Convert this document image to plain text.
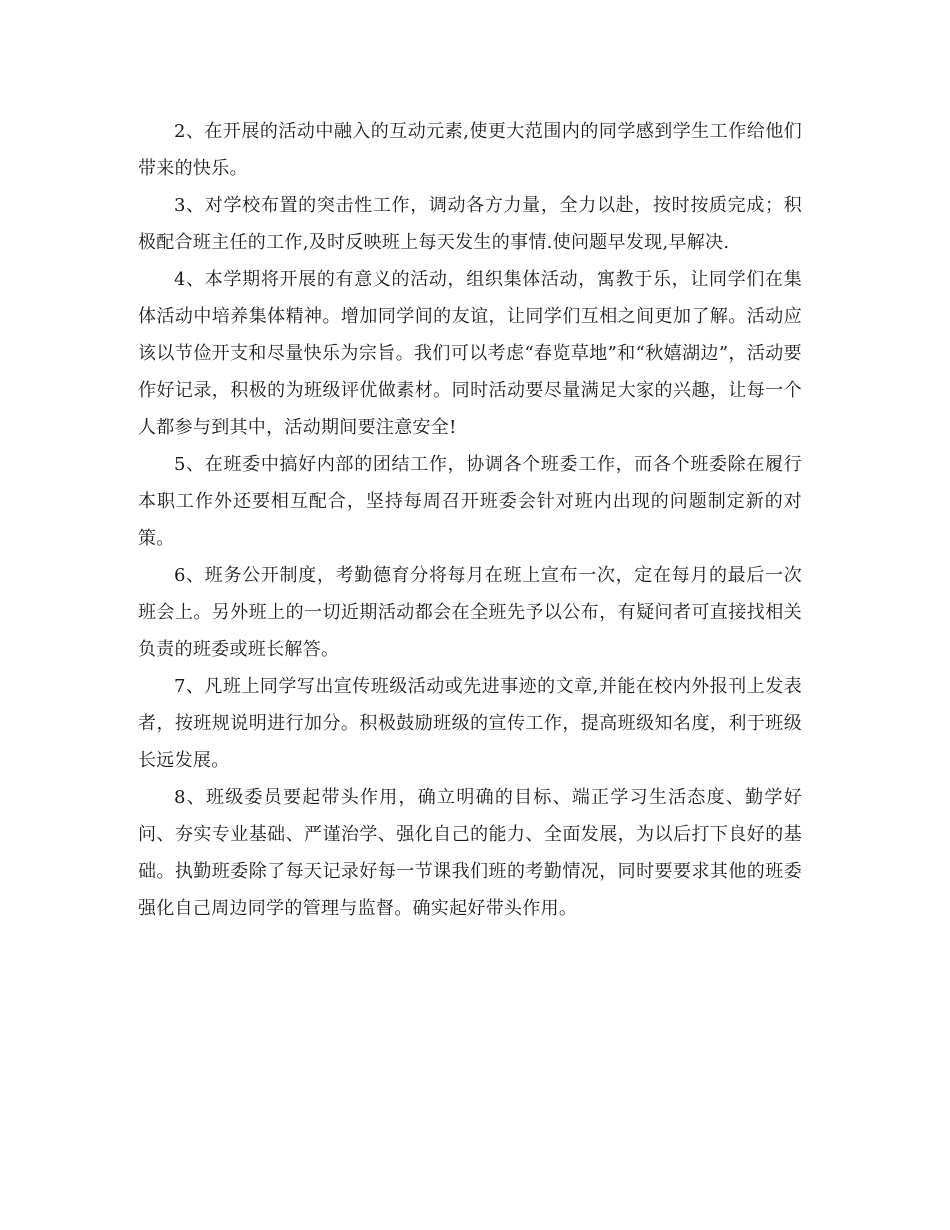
2、在开展的活动中融入的互动元素,使更大范围内的同学感到学生工作给他们带来的快乐。

3、对学校布置的突击性工作，调动各方力量，全力以赴，按时按质完成；积极配合班主任的工作,及时反映班上每天发生的事情.使问题早发现,早解决.

4、本学期将开展的有意义的活动，组织集体活动，寓教于乐，让同学们在集体活动中培养集体精神。增加同学间的友谊，让同学们互相之间更加了解。活动应该以节俭开支和尽量快乐为宗旨。我们可以考虑“春览草地”和“秋嬉湖边”，活动要作好记录，积极的为班级评优做素材。同时活动要尽量满足大家的兴趣，让每一个人都参与到其中，活动期间要注意安全!

5、在班委中搞好内部的团结工作，协调各个班委工作，而各个班委除在履行本职工作外还要相互配合，坚持每周召开班委会针对班内出现的问题制定新的对策。

6、班务公开制度，考勤德育分将每月在班上宣布一次，定在每月的最后一次班会上。另外班上的一切近期活动都会在全班先予以公布，有疑问者可直接找相关负责的班委或班长解答。

7、凡班上同学写出宣传班级活动或先进事迹的文章,并能在校内外报刊上发表者，按班规说明进行加分。积极鼓励班级的宣传工作，提高班级知名度，利于班级长远发展。

8、班级委员要起带头作用，确立明确的目标、端正学习生活态度、勤学好问、夯实专业基础、严谨治学、强化自己的能力、全面发展，为以后打下良好的基础。执勤班委除了每天记录好每一节课我们班的考勤情况，同时要要求其他的班委强化自己周边同学的管理与监督。确实起好带头作用。
